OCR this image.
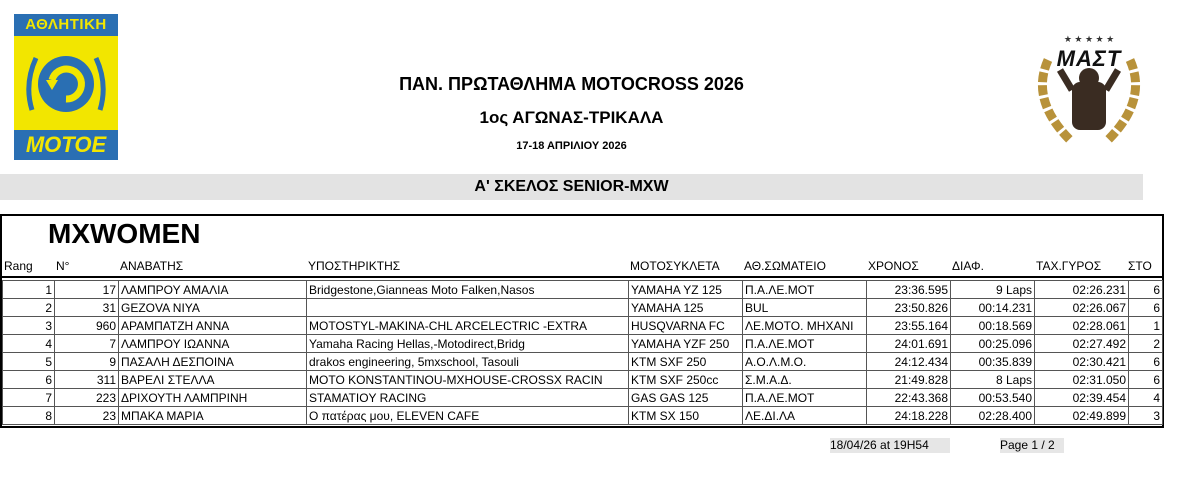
ΑΘΛΗΤΙΚΗ
ΜΟΤΟΕ
★ ★ ★ ★ ★
ΜΑΣΤ
ΠΑΝ. ΠΡΩΤΑΘΛΗΜΑ MOTOCROSS 2026
1ος ΑΓΩΝΑΣ-ΤΡΙΚΑΛΑ
17-18 ΑΠΡΙΛΙΟΥ 2026
Α' ΣΚΕΛΟΣ SENIOR-MXW
MXWOMEN
Rang N°	ΑΝΑΒΑΤΗΣ	ΥΠΟΣΤΗΡΙΚΤΗΣ	ΜΟΤΟΣΥΚΛΕΤΑ ΑΘ.ΣΩΜΑΤΕΙΟ	ΧΡΟΝΟΣ	ΔΙΑΦ.	ΤΑΧ.ΓΥΡΟΣ ΣΤΟ
1	17	ΛΑΜΠΡΟΥ ΑΜΑΛΙΑ	Bridgestone,Gianneas Moto Falken,Nasos	YAMAHA YZ 125	Π.Α.ΛΕ.ΜΟΤ	23:36.595	9 Laps	02:26.231	6
2	31	GEZOVA NIYA		YAMAHA 125	BUL	23:50.826	00:14.231	02:26.067	6
3	960	ΑΡΑΜΠΑΤΖΗ ΑΝΝΑ	MOTOSTYL-MAKINA-CHL ARCELECTRIC -EXTRA	HUSQVARNA FC	ΛΕ.ΜΟΤΟ. ΜΗΧΑΝΙ	23:55.164	00:18.569	02:28.061	1
4	7	ΛΑΜΠΡΟΥ ΙΩΑΝΝΑ	Yamaha Racing Hellas,-Motodirect,Bridg	YAMAHA YZF 250	Π.Α.ΛΕ.ΜΟΤ	24:01.691	00:25.096	02:27.492	2
5	9	ΠΑΣΑΛΗ ΔΕΣΠΟΙΝΑ	drakos engineering, 5mxschool, Tasouli	KTM SXF 250	Α.Ο.Λ.Μ.Ο.	24:12.434	00:35.839	02:30.421	6
6	311	ΒΑΡΕΛΙ ΣΤΕΛΛΑ	MOTO KONSTANTINOU-MXHOUSE-CROSSX RACIN	KTM SXF 250cc	Σ.Μ.Α.Δ.	21:49.828	8 Laps	02:31.050	6
7	223	ΔΡΙΧΟΥΤΗ ΛΑΜΠΡΙΝΗ	STAMATIOY RACING	GAS GAS 125	Π.Α.ΛΕ.ΜΟΤ	22:43.368	00:53.540	02:39.454	4
8	23	ΜΠΑΚΑ ΜΑΡΙΑ	Ο πατέρας μου, ELEVEN CAFE	KTM SX 150	ΛΕ.ΔΙ.ΛΑ	24:18.228	02:28.400	02:49.899	3
18/04/26 at 19H54	Page 1 / 2
